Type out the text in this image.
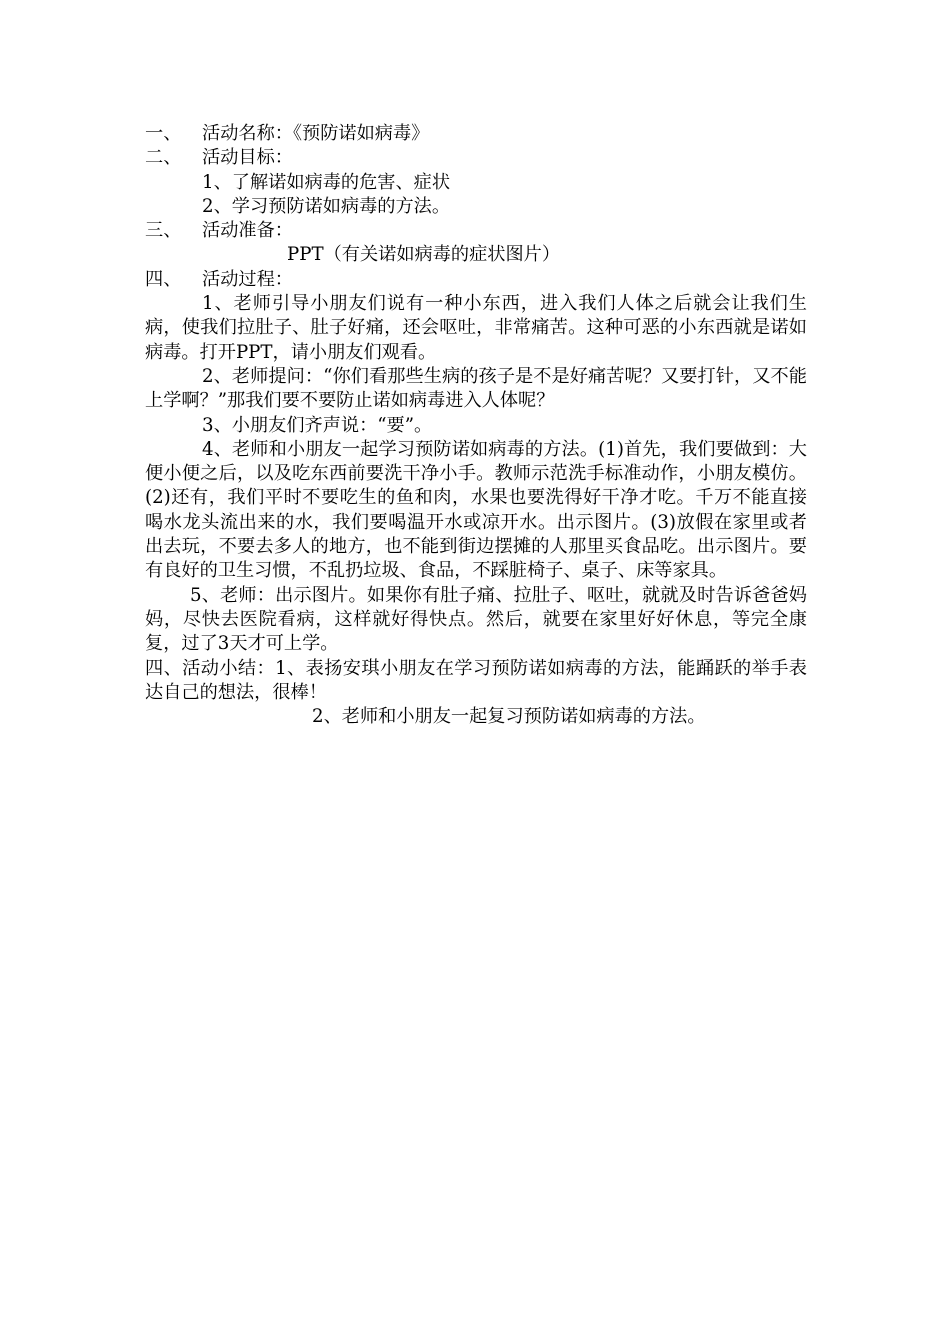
一、	活动名称：《预防诺如病毒》
二、	活动目标：
1、了解诺如病毒的危害、症状
2、学习预防诺如病毒的方法。
三、	活动准备：
PPT（有关诺如病毒的症状图片）
四、	活动过程：
1、老师引导小朋友们说有一种小东西，进入我们人体之后就会让我们生病，使我们拉肚子、肚子好痛，还会呕吐，非常痛苦。这种可恶的小东西就是诺如病毒。打开PPT，请小朋友们观看。
2、老师提问：“你们看那些生病的孩子是不是好痛苦呢？又要打针，又不能上学啊？”那我们要不要防止诺如病毒进入人体呢？
3、小朋友们齐声说：“要”。
4、老师和小朋友一起学习预防诺如病毒的方法。(1)首先，我们要做到：大便小便之后，以及吃东西前要洗干净小手。教师示范洗手标准动作，小朋友模仿。(2)还有，我们平时不要吃生的鱼和肉，水果也要洗得好干净才吃。千万不能直接喝水龙头流出来的水，我们要喝温开水或凉开水。出示图片。(3)放假在家里或者出去玩，不要去多人的地方，也不能到街边摆摊的人那里买食品吃。出示图片。要有良好的卫生习惯，不乱扔垃圾、食品，不踩脏椅子、桌子、床等家具。
5、老师：出示图片。如果你有肚子痛、拉肚子、呕吐，就就及时告诉爸爸妈妈，尽快去医院看病，这样就好得快点。然后，就要在家里好好休息，等完全康复，过了3天才可上学。
四、活动小结：1、表扬安琪小朋友在学习预防诺如病毒的方法，能踊跃的举手表达自己的想法，很棒！
2、老师和小朋友一起复习预防诺如病毒的方法。
